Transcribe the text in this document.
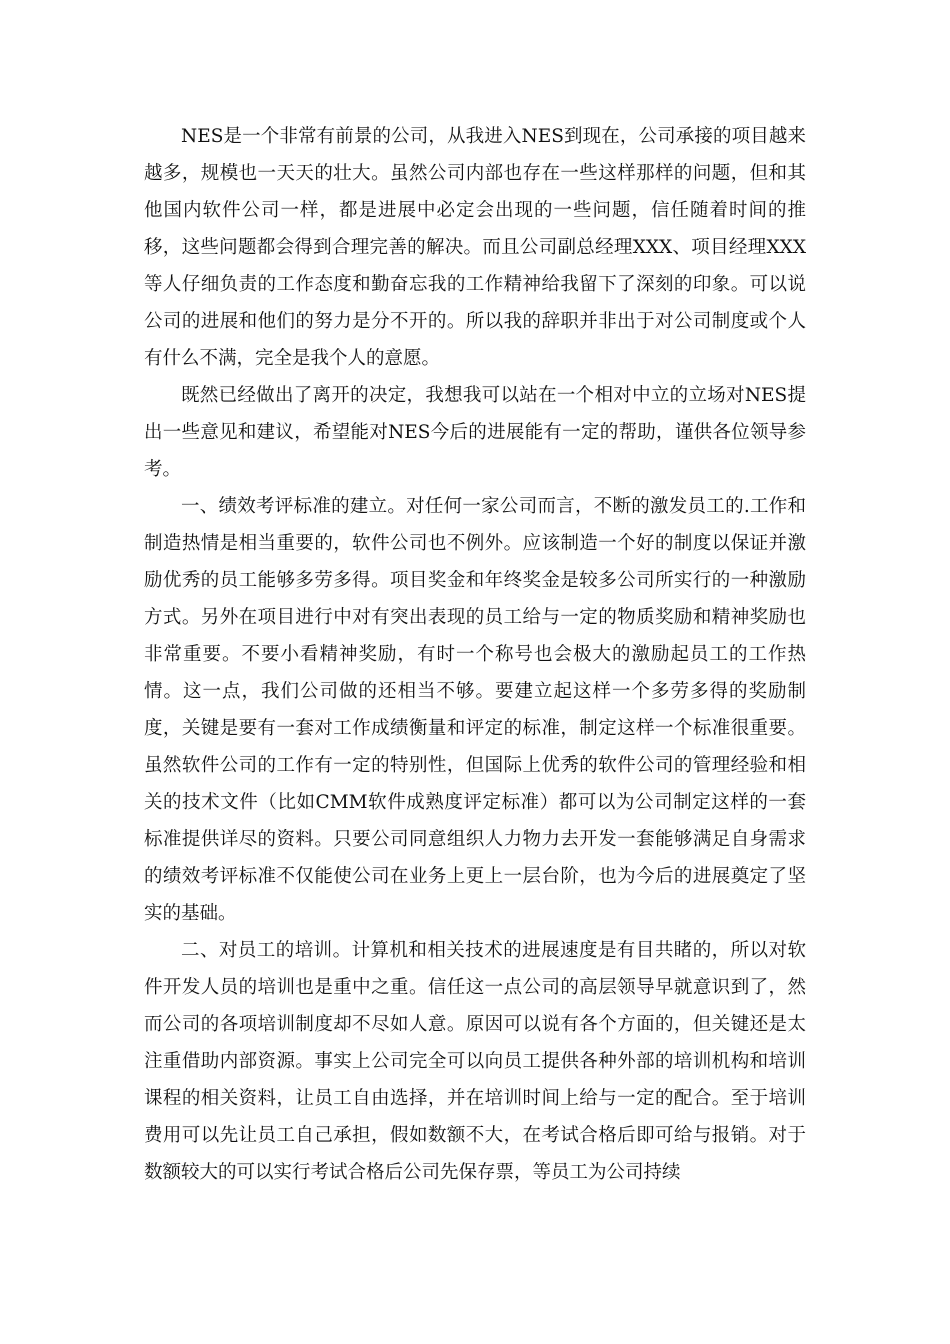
NES是一个非常有前景的公司，从我进入NES到现在，公司承接的项目越来越多，规模也一天天的壮大。虽然公司内部也存在一些这样那样的问题，但和其他国内软件公司一样，都是进展中必定会出现的一些问题，信任随着时间的推移，这些问题都会得到合理完善的解决。而且公司副总经理XXX、项目经理XXX等人仔细负责的工作态度和勤奋忘我的工作精神给我留下了深刻的印象。可以说公司的进展和他们的努力是分不开的。所以我的辞职并非出于对公司制度或个人有什么不满，完全是我个人的意愿。

既然已经做出了离开的决定，我想我可以站在一个相对中立的立场对NES提出一些意见和建议，希望能对NES今后的进展能有一定的帮助，谨供各位领导参考。

一、绩效考评标准的建立。对任何一家公司而言，不断的激发员工的.工作和制造热情是相当重要的，软件公司也不例外。应该制造一个好的制度以保证并激励优秀的员工能够多劳多得。项目奖金和年终奖金是较多公司所实行的一种激励方式。另外在项目进行中对有突出表现的员工给与一定的物质奖励和精神奖励也非常重要。不要小看精神奖励，有时一个称号也会极大的激励起员工的工作热情。这一点，我们公司做的还相当不够。要建立起这样一个多劳多得的奖励制度，关键是要有一套对工作成绩衡量和评定的标准，制定这样一个标准很重要。虽然软件公司的工作有一定的特别性，但国际上优秀的软件公司的管理经验和相关的技术文件（比如CMM软件成熟度评定标准）都可以为公司制定这样的一套标准提供详尽的资料。只要公司同意组织人力物力去开发一套能够满足自身需求的绩效考评标准不仅能使公司在业务上更上一层台阶，也为今后的进展奠定了坚实的基础。

二、对员工的培训。计算机和相关技术的进展速度是有目共睹的，所以对软件开发人员的培训也是重中之重。信任这一点公司的高层领导早就意识到了，然而公司的各项培训制度却不尽如人意。原因可以说有各个方面的，但关键还是太注重借助内部资源。事实上公司完全可以向员工提供各种外部的培训机构和培训课程的相关资料，让员工自由选择，并在培训时间上给与一定的配合。至于培训费用可以先让员工自己承担，假如数额不大，在考试合格后即可给与报销。对于数额较大的可以实行考试合格后公司先保存票，等员工为公司持续
